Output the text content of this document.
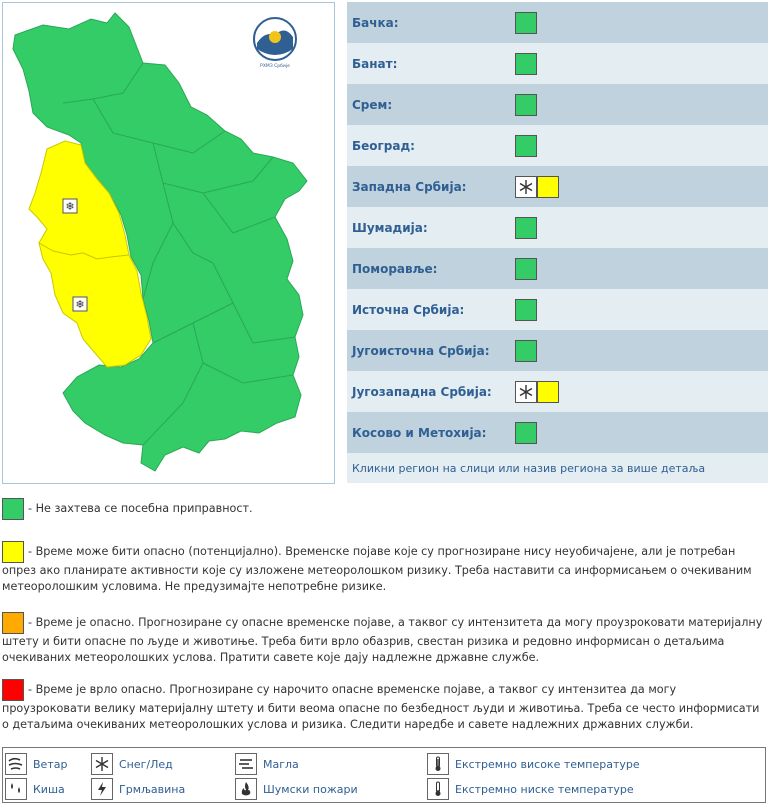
❄
❄
РХМЗ Србије
Бачка:
Банат:
Срем:
Београд:
Западна Србија:
Шумадија:
Поморавље:
Источна Србија:
Југоисточна Србија:
Југозападна Србија:
Косово и Метохија:
Кликни регион на слици или назив региона за више детаља

- Не захтева се посебна приправност.

- Време може бити опасно (потенцијално). Временске појаве које су прогнозиране нису неуобичајене, али је потребан опрез ако планирате активности које су изложене метеоролошком ризику. Треба наставити са информисањем о очекиваним метеоролошким условима. Не предузимајте непотребне ризике.

- Време је опасно. Прогнозиране су опасне временске појаве, а таквог су интензитета да могу проузроковати материјалну штету и бити опасне по људе и животиње. Треба бити врло обазрив, свестан ризика и редовно информисан о детаљима очекиваних метеоролошких услова. Пратити савете које дају надлежне државне службе.

- Време је врло опасно. Прогнозиране су нарочито опасне временске појаве, а таквог су интензитеа да могу проузроковати велику материјалну штету и бити веома опасне по безбедност људи и животиња. Треба се често информисати о детаљима очекиваних метеоролошких услова и ризика. Следити наредбе и савете надлежних државних служби.

Ветар	Снег/Лед	Магла	Екстремно високе температуре
Киша	Грмљавина	Шумски пожари	Екстремно ниске температуре
